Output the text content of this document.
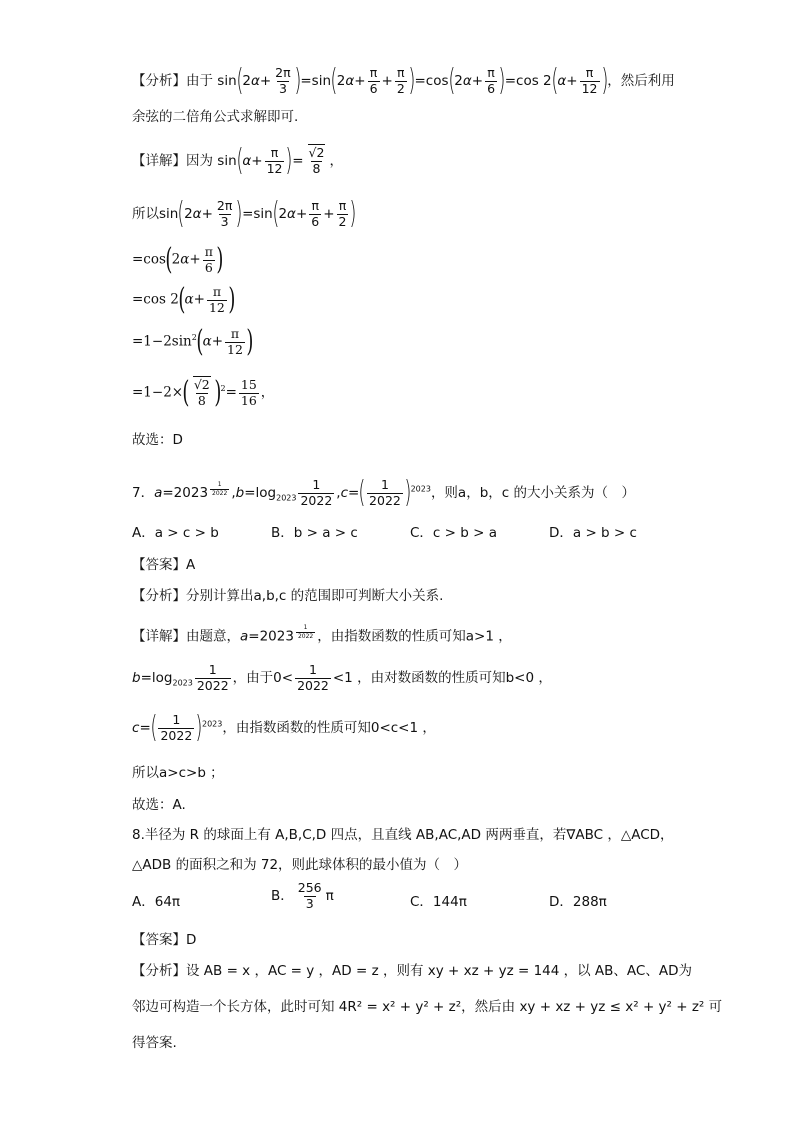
【分析】由于 $\sin(2\alpha+ \frac{2\pi}{3} )=\sin(2\alpha+ \frac{\pi}{6} + \frac{\pi}{2} )=\cos(2\alpha+ \frac{\pi}{6} )=\cos$ $2(\alpha+ \frac{\pi}{12}$ )，然后利用
余弦的二倍角公式求解即可.
【详解】因为 $\sin(\alpha+ \frac{\pi}{12}$ )= $\frac{√2}{8}$ ，
所以$\sin(2\alpha+ \frac{2\pi}{3} )=\sin(2\alpha+ \frac{\pi}{6} + \frac{\pi}{2}$ )
$=\cos(2\alpha+ \frac{\pi}{6}$ )
=cos $2(\alpha+ \frac{\pi}{12}$ )
$=1-2\sin^2(\alpha+ \frac{\pi}{12}$ )
$=1-2\times( \frac{√2}{8} )^2= \frac{15}{16}$ ，
故选：D
7．a=2023 $^{\frac{1}{2022}}$ $,b=\log_{2023} \frac{1}{2022} ,c=( \frac{1}{2022} )^{2023}$，则a，b，c 的大小关系为（　）
A．a > c > b	B．b > a > c	C．c > b > a	D．a > b > c
【答案】A
【分析】分别计算出a,b,c 的范围即可判断大小关系.
【详解】由题意，a=2023 $^{\frac{1}{2022}}$ ，由指数函数的性质可知a>1 ，
$b=\log_{2023} \frac{1}{2022}$ ，由于$0< \frac{1}{2022} <1$ ，由对数函数的性质可知b<0 ，
$c=( \frac{1}{2022} )^{2023}$，由指数函数的性质可知0<c<1 ，
所以a>c>b ；
故选：A.
8.半径为 R 的球面上有 A,B,C,D 四点，且直线 AB,AC,AD 两两垂直，若∇ABC ，△ACD，
△ADB 的面积之和为 72，则此球体积的最小值为（　）
A．64π	B． $\frac{256}{3}$ π	C．144π	D．288π
【答案】D
【分析】设 AB = x ，AC = y ，AD = z ，则有 xy + xz + yz = 144 ，以 AB、AC、AD为
邻边可构造一个长方体，此时可知 4R² = x² + y² + z²，然后由 xy + xz + yz ≤ x² + y² + z² 可
得答案.
